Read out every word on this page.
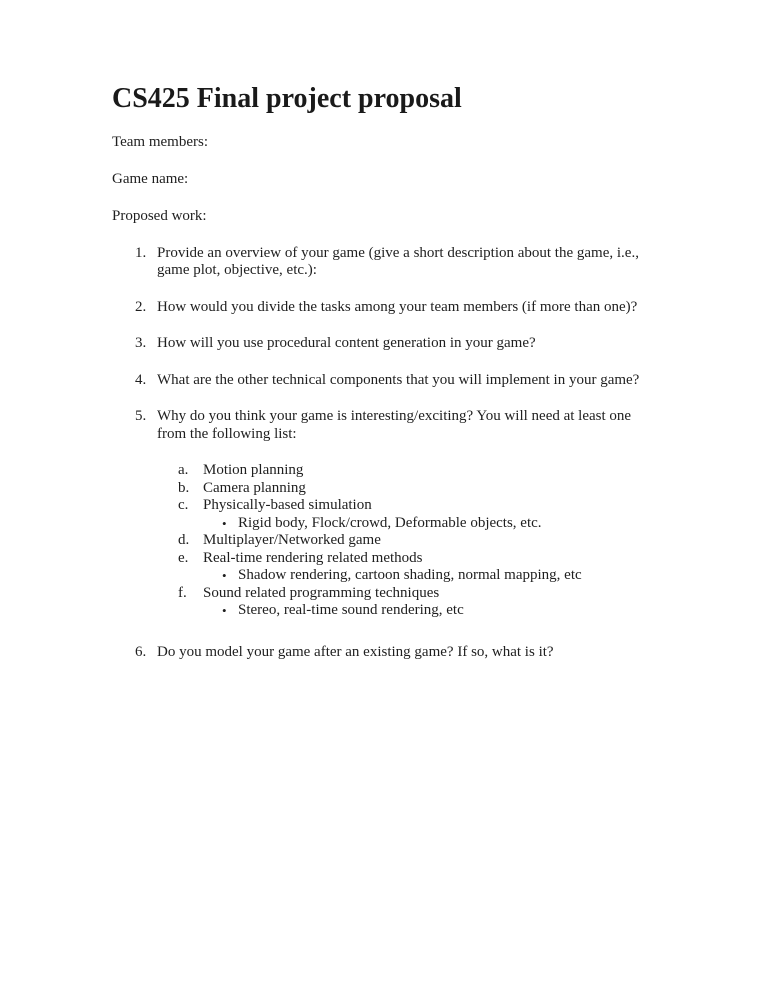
CS425 Final project proposal

Team members:

Game name:

Proposed work:

1. Provide an overview of your game (give a short description about the game, i.e., game plot, objective, etc.):
2. How would you divide the tasks among your team members (if more than one)?
3. How will you use procedural content generation in your game?
4. What are the other technical components that you will implement in your game?
5. Why do you think your game is interesting/exciting? You will need at least one from the following list:
a. Motion planning
b. Camera planning
c. Physically-based simulation
• Rigid body, Flock/crowd, Deformable objects, etc.
d. Multiplayer/Networked game
e. Real-time rendering related methods
• Shadow rendering, cartoon shading, normal mapping, etc
f.	Sound related programming techniques
• Stereo, real-time sound rendering, etc
6. Do you model your game after an existing game? If so, what is it?
